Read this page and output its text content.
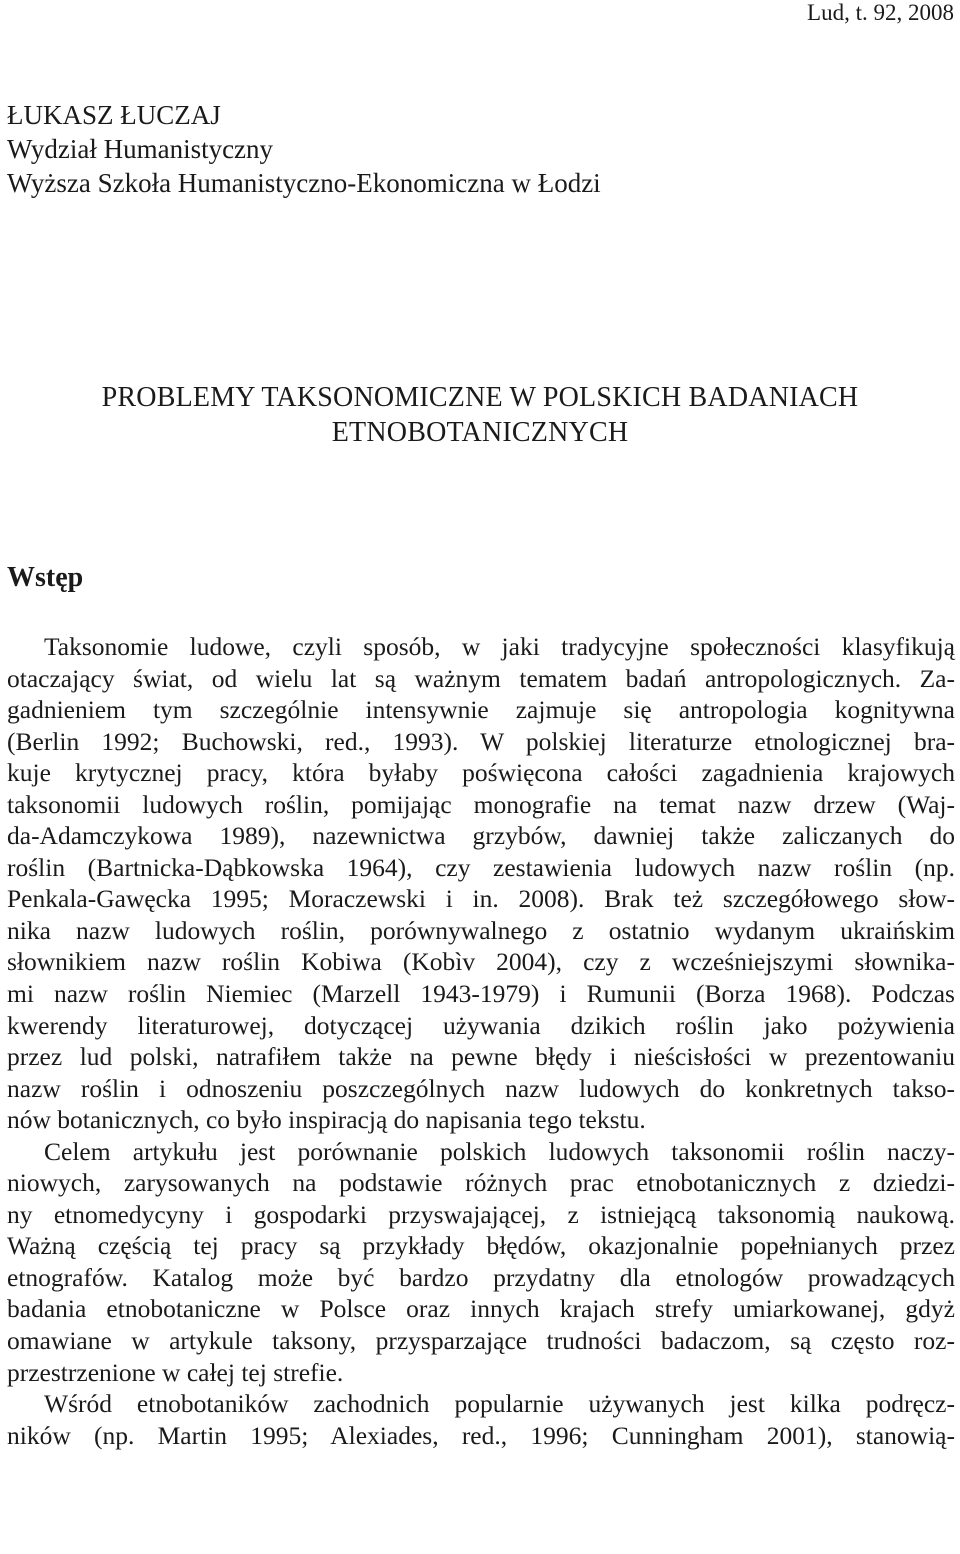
Lud, t. 92, 2008
ŁUKASZ ŁUCZAJ
Wydział Humanistyczny
Wyższa Szkoła Humanistyczno-Ekonomiczna w Łodzi
PROBLEMY TAKSONOMICZNE W POLSKICH BADANIACH
ETNOBOTANICZNYCH
Wstęp
Taksonomie ludowe, czyli sposób, w jaki tradycyjne społeczności klasyfikują
otaczający świat, od wielu lat są ważnym tematem badań antropologicznych. Za-
gadnieniem tym szczególnie intensywnie zajmuje się antropologia kognitywna
(Berlin 1992; Buchowski, red., 1993). W polskiej literaturze etnologicznej bra-
kuje krytycznej pracy, która byłaby poświęcona całości zagadnienia krajowych
taksonomii ludowych roślin, pomijając monografie na temat nazw drzew (Waj-
da-Adamczykowa 1989), nazewnictwa grzybów, dawniej także zaliczanych do
roślin (Bartnicka-Dąbkowska 1964), czy zestawienia ludowych nazw roślin (np.
Penkala-Gawęcka 1995; Moraczewski i in. 2008). Brak też szczegółowego słow-
nika nazw ludowych roślin, porównywalnego z ostatnio wydanym ukraińskim
słownikiem nazw roślin Kobiwa (Kobìv 2004), czy z wcześniejszymi słownika-
mi nazw roślin Niemiec (Marzell 1943-1979) i Rumunii (Borza 1968). Podczas
kwerendy literaturowej, dotyczącej używania dzikich roślin jako pożywienia
przez lud polski, natrafiłem także na pewne błędy i nieścisłości w prezentowaniu
nazw roślin i odnoszeniu poszczególnych nazw ludowych do konkretnych takso-
nów botanicznych, co było inspiracją do napisania tego tekstu.
Celem artykułu jest porównanie polskich ludowych taksonomii roślin naczy-
niowych, zarysowanych na podstawie różnych prac etnobotanicznych z dziedzi-
ny etnomedycyny i gospodarki przyswajającej, z istniejącą taksonomią naukową.
Ważną częścią tej pracy są przykłady błędów, okazjonalnie popełnianych przez
etnografów. Katalog może być bardzo przydatny dla etnologów prowadzących
badania etnobotaniczne w Polsce oraz innych krajach strefy umiarkowanej, gdyż
omawiane w artykule taksony, przysparzające trudności badaczom, są często roz-
przestrzenione w całej tej strefie.
Wśród etnobotaników zachodnich popularnie używanych jest kilka podręcz-
ników (np. Martin 1995; Alexiades, red., 1996; Cunningham 2001), stanowią-
